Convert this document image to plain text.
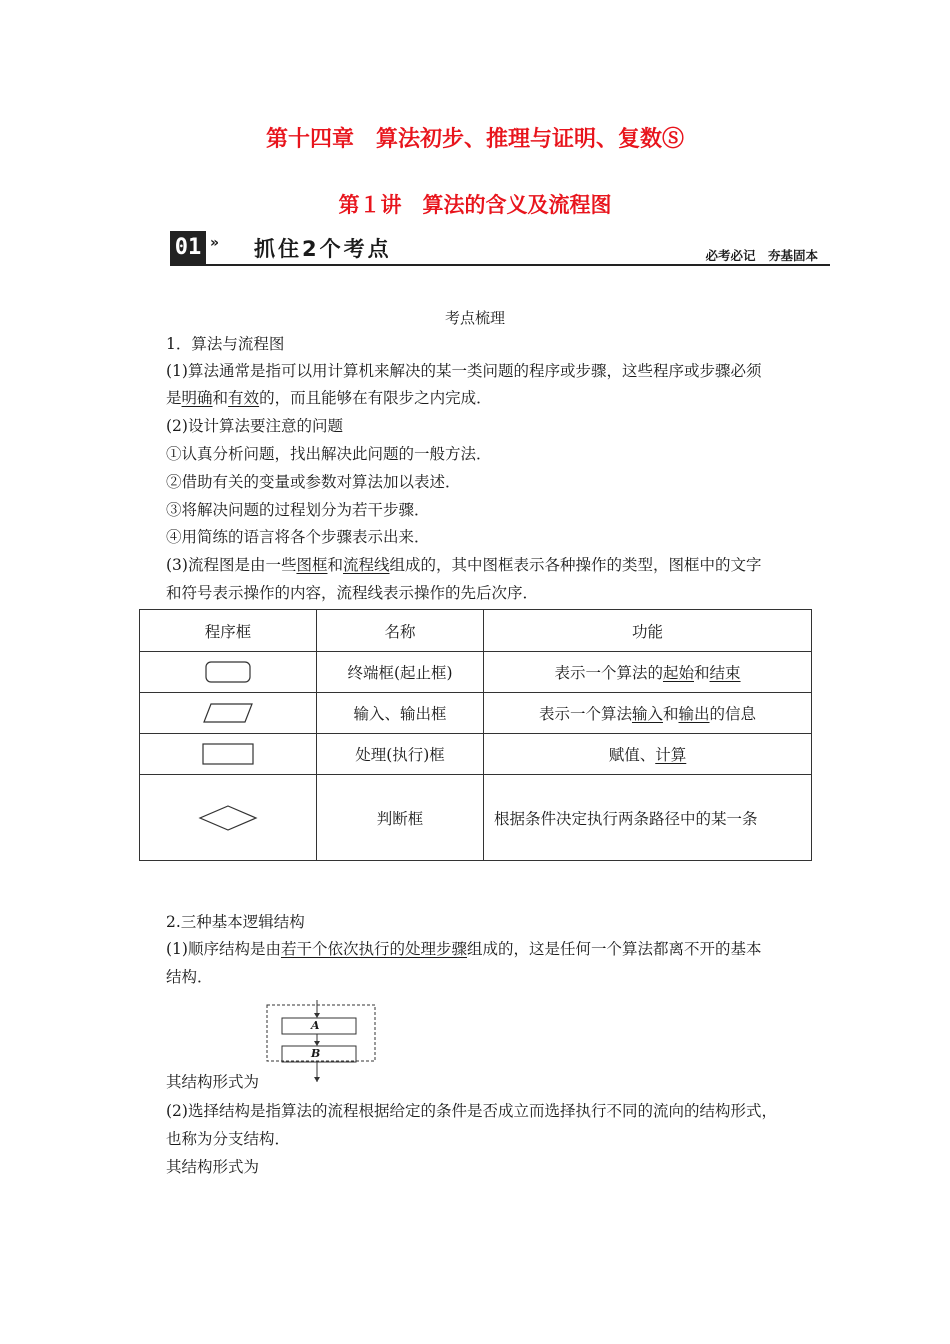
第十四章　算法初步、推理与证明、复数Ⓢ
第１讲　算法的含义及流程图
01 » 抓住2个考点	必考必记　夯基固本
考点梳理
1．算法与流程图
(1)算法通常是指可以用计算机来解决的某一类问题的程序或步骤，这些程序或步骤必须
是明确和有效的，而且能够在有限步之内完成．
(2)设计算法要注意的问题
①认真分析问题，找出解决此问题的一般方法．
②借助有关的变量或参数对算法加以表述．
③将解决问题的过程划分为若干步骤．
④用简练的语言将各个步骤表示出来．
(3)流程图是由一些图框和流程线组成的，其中图框表示各种操作的类型，图框中的文字
和符号表示操作的内容，流程线表示操作的先后次序．
程序框	名称	功能

	终端框(起止框)	表示一个算法的起始和结束

	输入、输出框	表示一个算法输入和输出的信息

	处理(执行)框	赋值、计算

	判断框	根据条件决定执行两条路径中的某一条
2.三种基本逻辑结构
(1)顺序结构是由若干个依次执行的处理步骤组成的，这是任何一个算法都离不开的基本
结构．
A
B
其结构形式为
(2)选择结构是指算法的流程根据给定的条件是否成立而选择执行不同的流向的结构形式，
也称为分支结构．
其结构形式为
